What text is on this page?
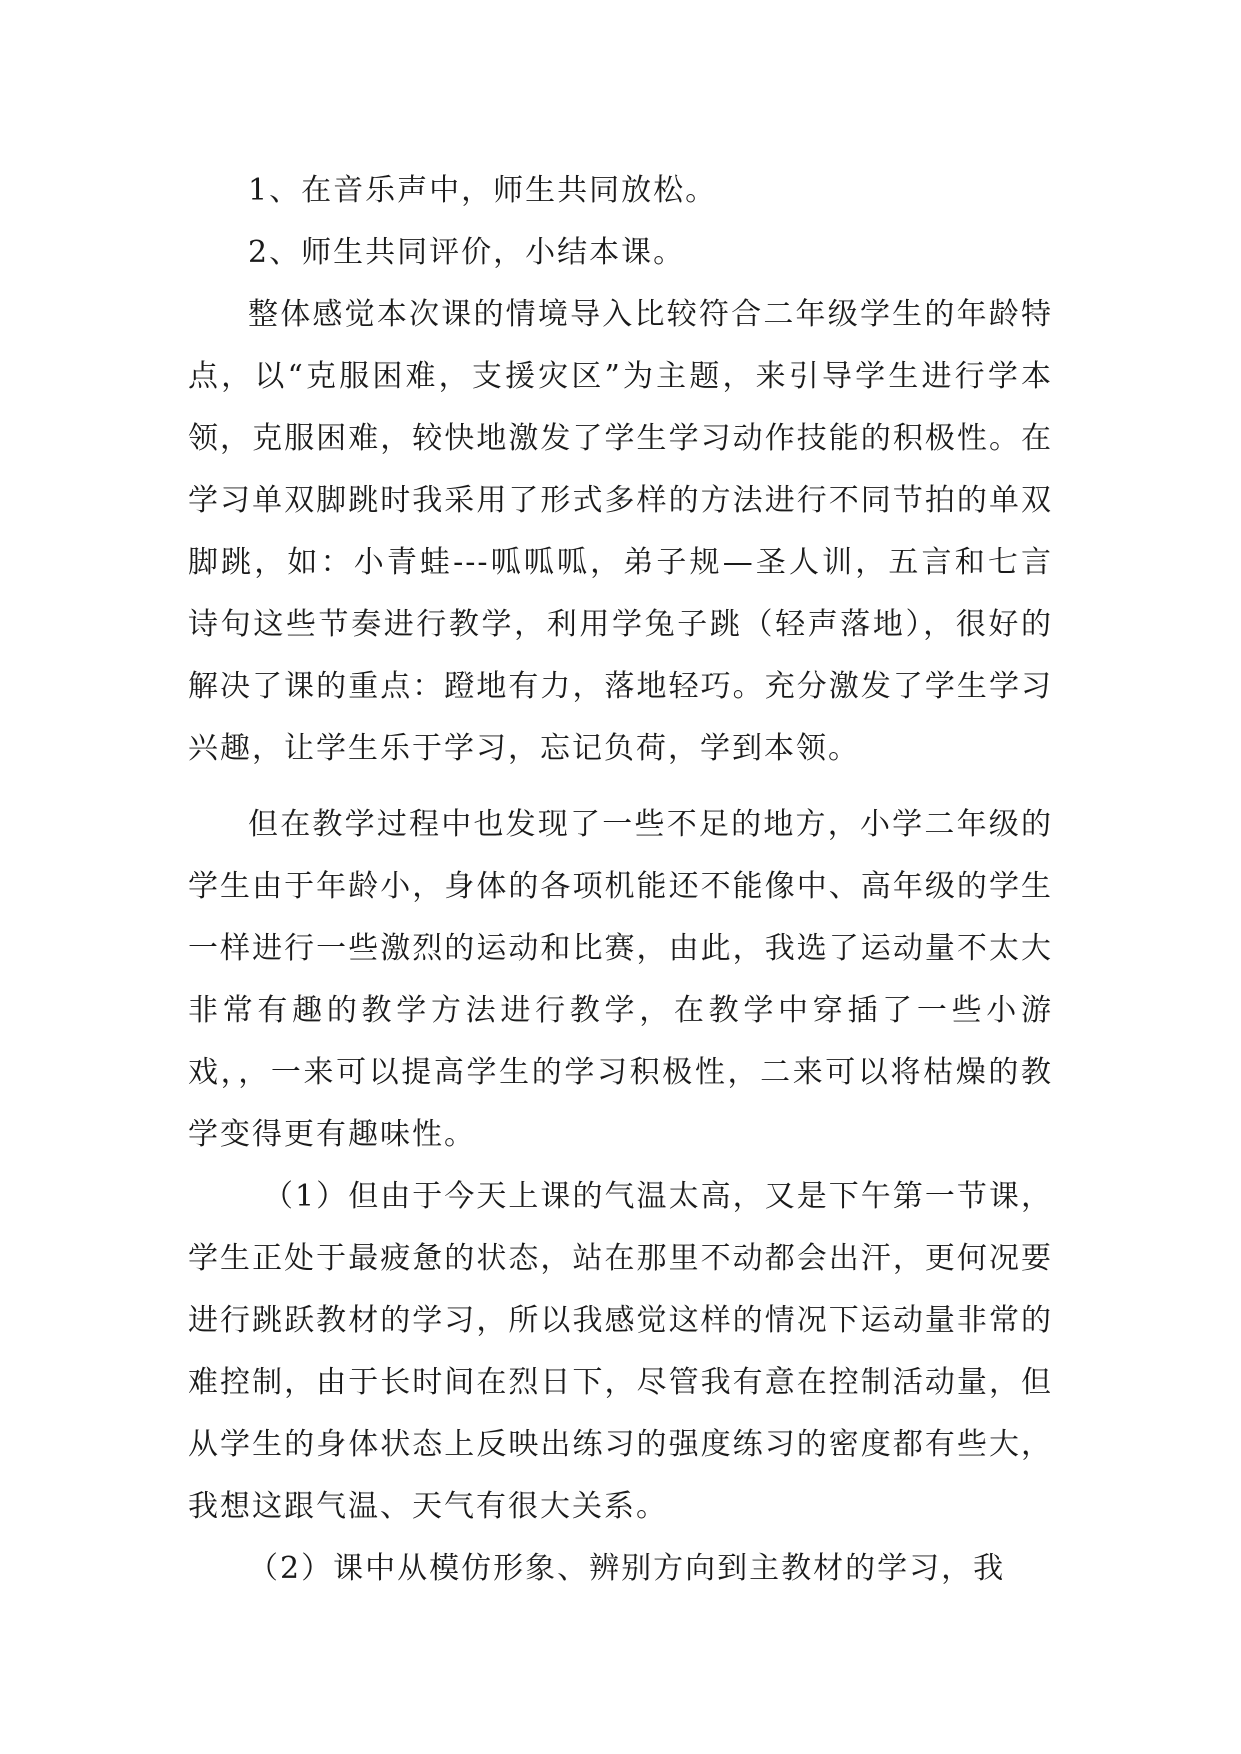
1、在音乐声中，师生共同放松。

2、师生共同评价，小结本课。

整体感觉本次课的情境导入比较符合二年级学生的年龄特点，以“克服困难，支援灾区”为主题，来引导学生进行学本领，克服困难，较快地激发了学生学习动作技能的积极性。在学习单双脚跳时我采用了形式多样的方法进行不同节拍的单双脚跳，如：小青蛙---呱呱呱，弟子规—圣人训，五言和七言诗句这些节奏进行教学，利用学兔子跳（轻声落地），很好的解决了课的重点：蹬地有力，落地轻巧。充分激发了学生学习兴趣，让学生乐于学习，忘记负荷，学到本领。

但在教学过程中也发现了一些不足的地方，小学二年级的学生由于年龄小，身体的各项机能还不能像中、高年级的学生一样进行一些激烈的运动和比赛，由此，我选了运动量不太大非常有趣的教学方法进行教学，在教学中穿插了一些小游戏，，一来可以提高学生的学习积极性，二来可以将枯燥的教学变得更有趣味性。

（1）但由于今天上课的气温太高，又是下午第一节课，学生正处于最疲惫的状态，站在那里不动都会出汗，更何况要进行跳跃教材的学习，所以我感觉这样的情况下运动量非常的难控制，由于长时间在烈日下，尽管我有意在控制活动量，但从学生的身体状态上反映出练习的强度练习的密度都有些大，我想这跟气温、天气有很大关系。

（2）课中从模仿形象、辨别方向到主教材的学习，我
